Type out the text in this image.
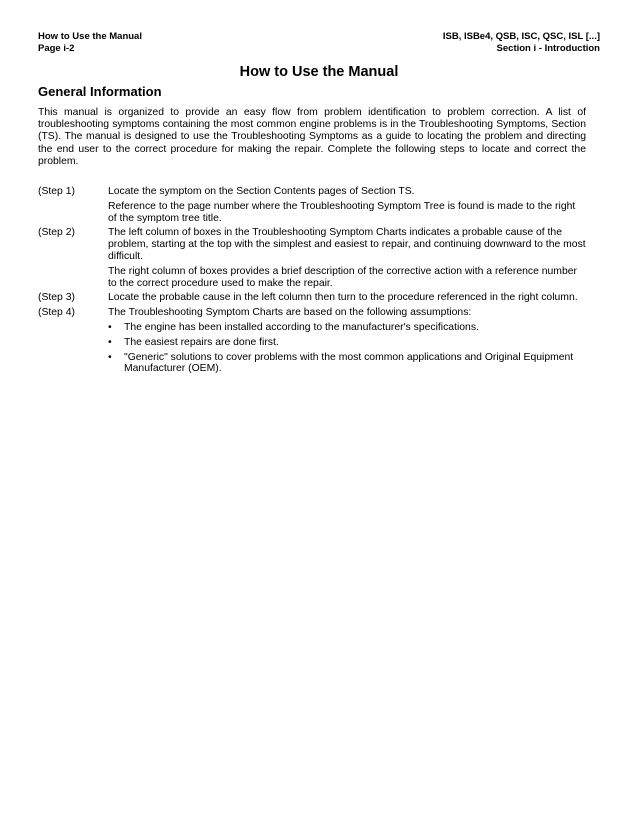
How to Use the Manual
Page i-2
ISB, ISBe4, QSB, ISC, QSC, ISL [...]
Section i - Introduction
How to Use the Manual
General Information

This manual is organized to provide an easy flow from problem identification to problem correction. A list of troubleshooting symptoms containing the most common engine problems is in the Troubleshooting Symptoms, Section (TS). The manual is designed to use the Troubleshooting Symptoms as a guide to locating the problem and directing the end user to the correct procedure for making the repair. Complete the following steps to locate and correct the problem.

(Step 1)	Locate the symptom on the Section Contents pages of Section TS.
Reference to the page number where the Troubleshooting Symptom Tree is found is made to the right of the symptom tree title.
(Step 2)	The left column of boxes in the Troubleshooting Symptom Charts indicates a probable cause of the problem, starting at the top with the simplest and easiest to repair, and continuing downward to the most difficult.
The right column of boxes provides a brief description of the corrective action with a reference number to the correct procedure used to make the repair.
(Step 3)	Locate the probable cause in the left column then turn to the procedure referenced in the right column.
(Step 4)	The Troubleshooting Symptom Charts are based on the following assumptions:
•	The engine has been installed according to the manufacturer's specifications.
•	The easiest repairs are done first.
•	"Generic" solutions to cover problems with the most common applications and Original Equipment Manufacturer (OEM).
